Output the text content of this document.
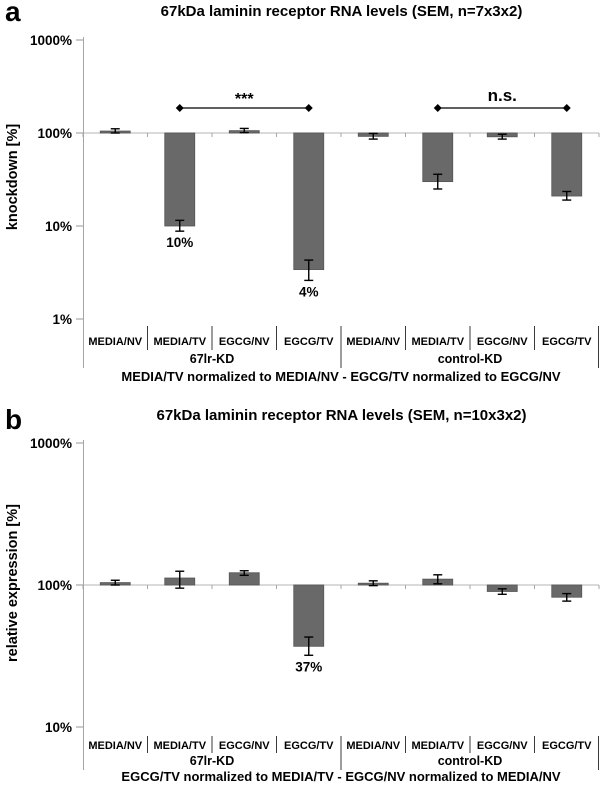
a	67kDa laminin receptor RNA levels (SEM, n=7x3x2)
knockdown [%]
1000%
100%
10%
1%
10%
4%
MEDIA/NV MEDIA/TV EGCG/NV EGCG/TV MEDIA/NV MEDIA/TV EGCG/NV EGCG/TV
67lr-KD	control-KD
MEDIA/TV normalized to MEDIA/NV - EGCG/TV normalized to EGCG/NV
***	n.s.
b	67kDa laminin receptor RNA levels (SEM, n=10x3x2)
relative expression [%]
1000%
100%
10%
37%
MEDIA/NV MEDIA/TV EGCG/NV EGCG/TV MEDIA/NV MEDIA/TV EGCG/NV EGCG/TV
67lr-KD	control-KD
EGCG/TV normalized to MEDIA/TV - EGCG/NV normalized to MEDIA/NV
